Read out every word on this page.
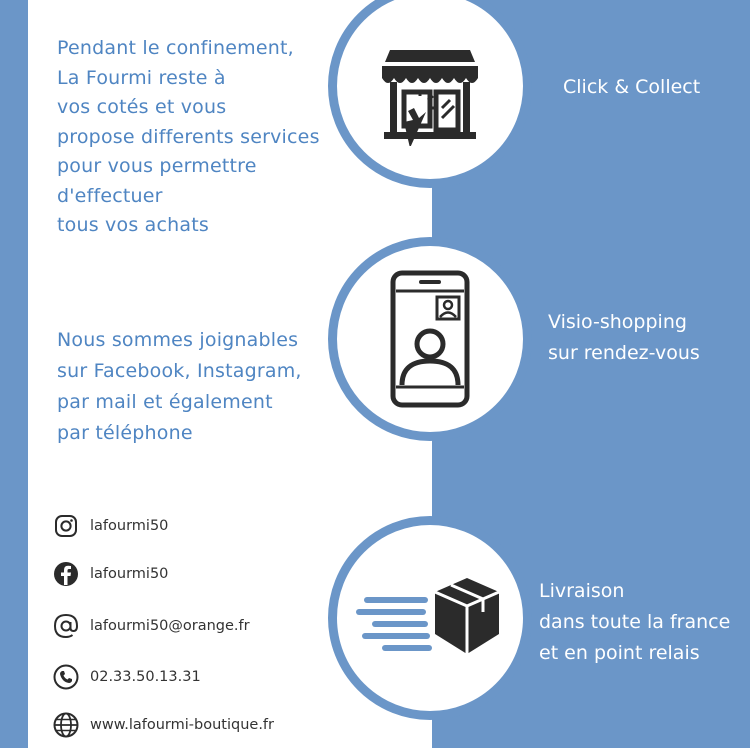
Pendant le confinement,
La Fourmi reste à
vos cotés et vous
propose differents services
pour vous permettre
d'effectuer
tous vos achats
Nous sommes joignables
sur Facebook, Instagram,
par mail et également
par téléphone
Click & Collect
Visio-shopping
sur rendez-vous
Livraison
dans toute la france
et en point relais
lafourmi50
lafourmi50
lafourmi50@orange.fr
02.33.50.13.31
www.lafourmi-boutique.fr
